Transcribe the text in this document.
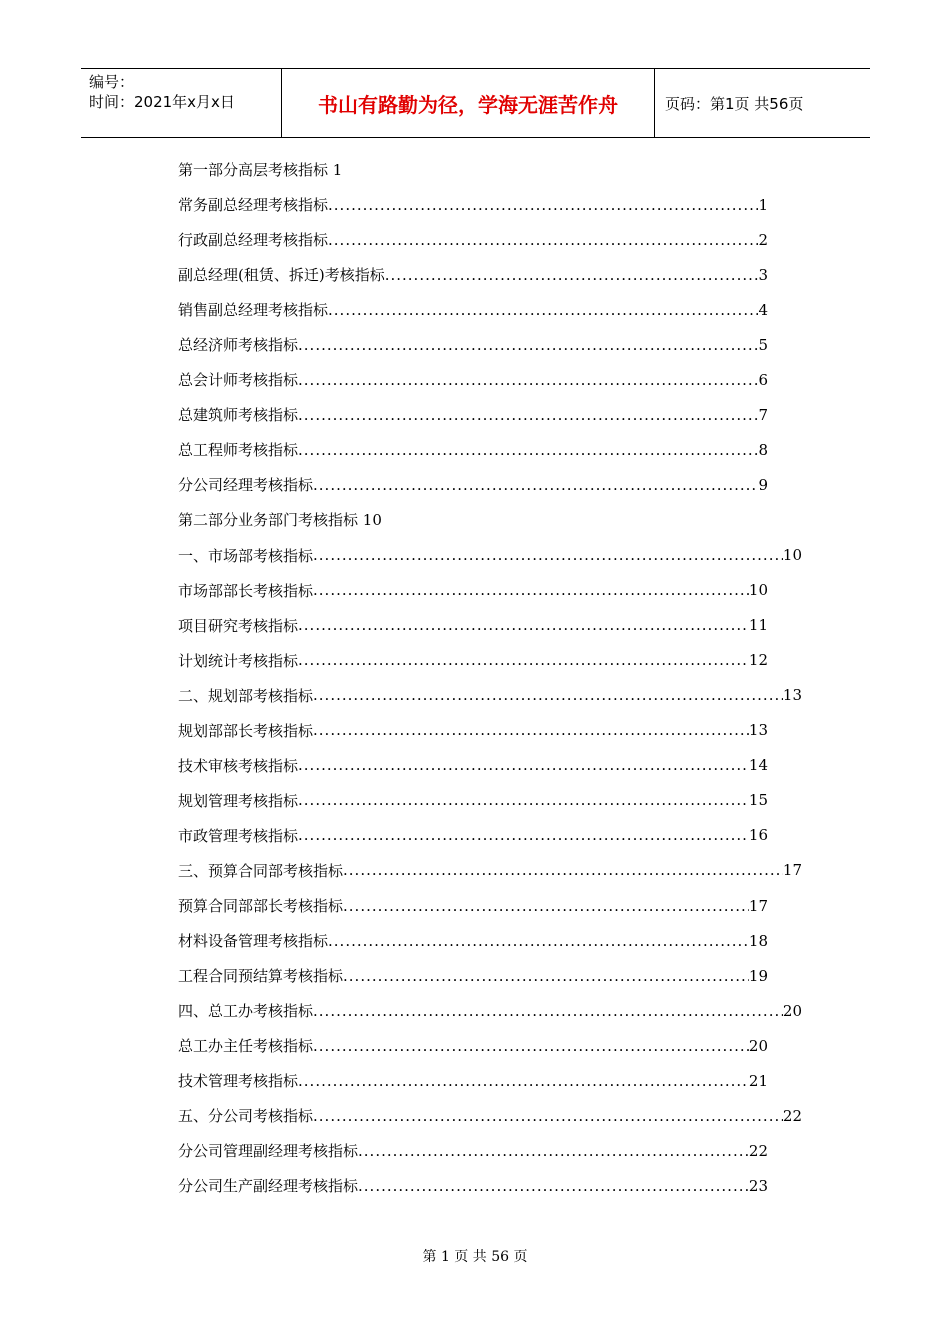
编号：
时间：2021年x月x日	书山有路勤为径，学海无涯苦作舟	页码：第1页 共56页
第一部分高层考核指标 1
常务副总经理考核指标 .....	1
行政副总经理考核指标 .....	2
副总经理(租赁、拆迁)考核指标 .....	3
销售副总经理考核指标 .....	4
总经济师考核指标 .....	5
总会计师考核指标 .....	6
总建筑师考核指标 .....	7
总工程师考核指标 .....	8
分公司经理考核指标 .....	9
第二部分业务部门考核指标 10
一、市场部考核指标 .....	10
市场部部长考核指标 .....	10
项目研究考核指标 .....	11
计划统计考核指标 .....	12
二、规划部考核指标 .....	13
规划部部长考核指标 .....	13
技术审核考核指标 .....	14
规划管理考核指标 .....	15
市政管理考核指标 .....	16
三、预算合同部考核指标 .....	17
预算合同部部长考核指标 .....	17
材料设备管理考核指标 .....	18
工程合同预结算考核指标 .....	19
四、总工办考核指标 .....	20
总工办主任考核指标 .....	20
技术管理考核指标 .....	21
五、分公司考核指标 .....	22
分公司管理副经理考核指标 .....	22
分公司生产副经理考核指标 .....	23
第 1 页 共 56 页
